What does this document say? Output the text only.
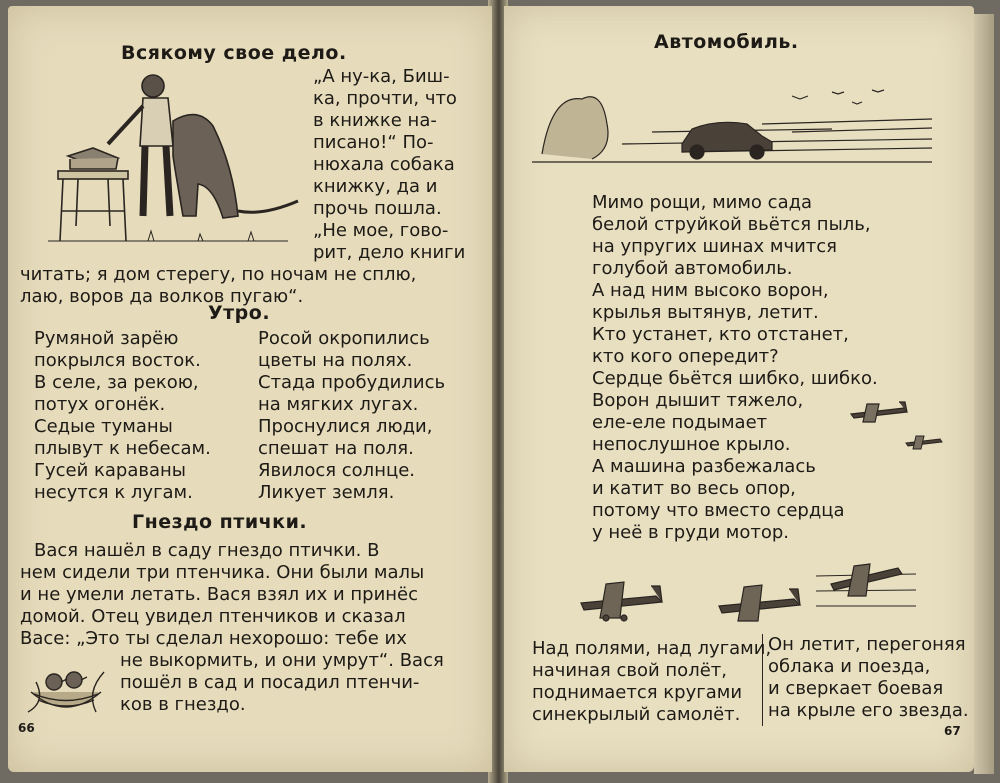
Всякому свое дело.
„А ну-ка, Биш-
ка, прочти, что
в книжке на-
писано!“ По-
нюхала собака
книжку, да и
прочь пошла.
„Не мое, гово-
рит, дело книги
читать; я дом стерегу, по ночам не сплю,
лаю, воров да волков пугаю“.
Утро.
Румяной зарёю
покрылся восток.
В селе, за рекою,
потух огонёк.
Седые туманы
плывут к небесам.
Гусей караваны
несутся к лугам.
Росой окропились
цветы на полях.
Стада пробудились
на мягких лугах.
Проснулися люди,
спешат на поля.
Явилося солнце.
Ликует земля.
Гнездо птички.
Вася нашёл в саду гнездо птички. В
нем сидели три птенчика. Они были малы
и не умели летать. Вася взял их и принёс
домой. Отец увидел птенчиков и сказал
Васе: „Это ты сделал нехорошо: тебе их
не выкормить, и они умрут“. Вася
пошёл в сад и посадил птенчи-
ков в гнездо.
66
Автомобиль.
Мимо рощи, мимо сада
белой струйкой вьётся пыль,
на упругих шинах мчится
голубой автомобиль.
А над ним высоко ворон,
крылья вытянув, летит.
Кто устанет, кто отстанет,
кто кого опередит?
Сердце бьётся шибко, шибко.
Ворон дышит тяжело,
еле-еле подымает
непослушное крыло.
А машина разбежалась
и катит во весь опор,
потому что вместо сердца
у неё в груди мотор.
Над полями, над лугами,
начиная свой полёт,
поднимается кругами
синекрылый самолёт.
Он летит, перегоняя
облака и поезда,
и сверкает боевая
на крыле его звезда.
67
